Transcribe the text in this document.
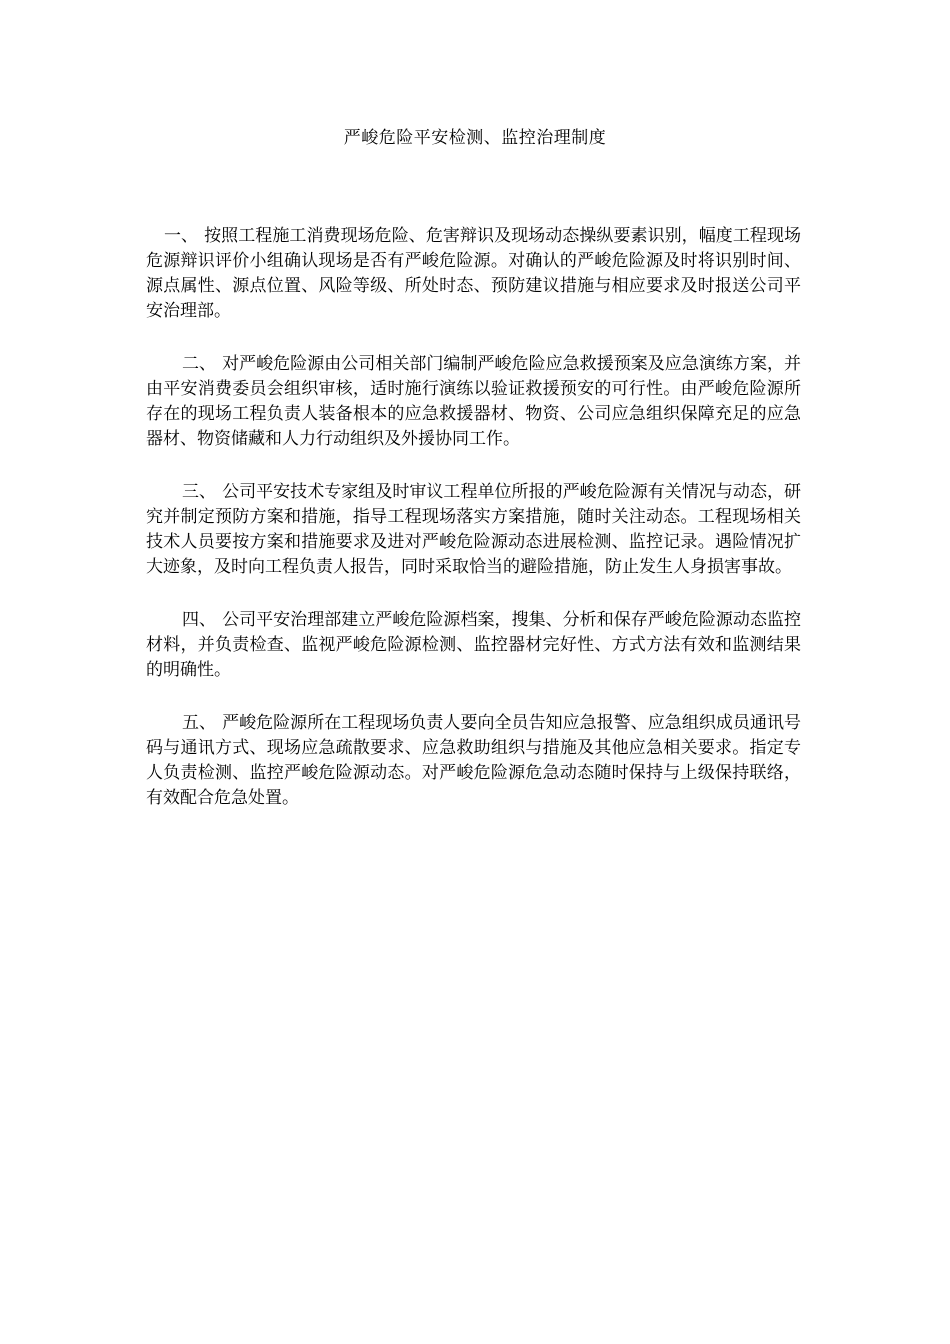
严峻危险平安检测、监控治理制度

一、 按照工程施工消费现场危险、危害辩识及现场动态操纵要素识别，幅度工程现场危源辩识评价小组确认现场是否有严峻危险源。对确认的严峻危险源及时将识别时间、源点属性、源点位置、风险等级、所处时态、预防建议措施与相应要求及时报送公司平安治理部。

二、 对严峻危险源由公司相关部门编制严峻危险应急救援预案及应急演练方案，并由平安消费委员会组织审核，适时施行演练以验证救援预安的可行性。由严峻危险源所存在的现场工程负责人装备根本的应急救援器材、物资、公司应急组织保障充足的应急器材、物资储藏和人力行动组织及外援协同工作。

三、 公司平安技术专家组及时审议工程单位所报的严峻危险源有关情况与动态，研究并制定预防方案和措施，指导工程现场落实方案措施，随时关注动态。工程现场相关技术人员要按方案和措施要求及进对严峻危险源动态进展检测、监控记录。遇险情况扩大迹象，及时向工程负责人报告，同时采取恰当的避险措施，防止发生人身损害事故。

四、 公司平安治理部建立严峻危险源档案，搜集、分析和保存严峻危险源动态监控材料，并负责检查、监视严峻危险源检测、监控器材完好性、方式方法有效和监测结果的明确性。

五、 严峻危险源所在工程现场负责人要向全员告知应急报警、应急组织成员通讯号码与通讯方式、现场应急疏散要求、应急救助组织与措施及其他应急相关要求。指定专人负责检测、监控严峻危险源动态。对严峻危险源危急动态随时保持与上级保持联络，有效配合危急处置。
